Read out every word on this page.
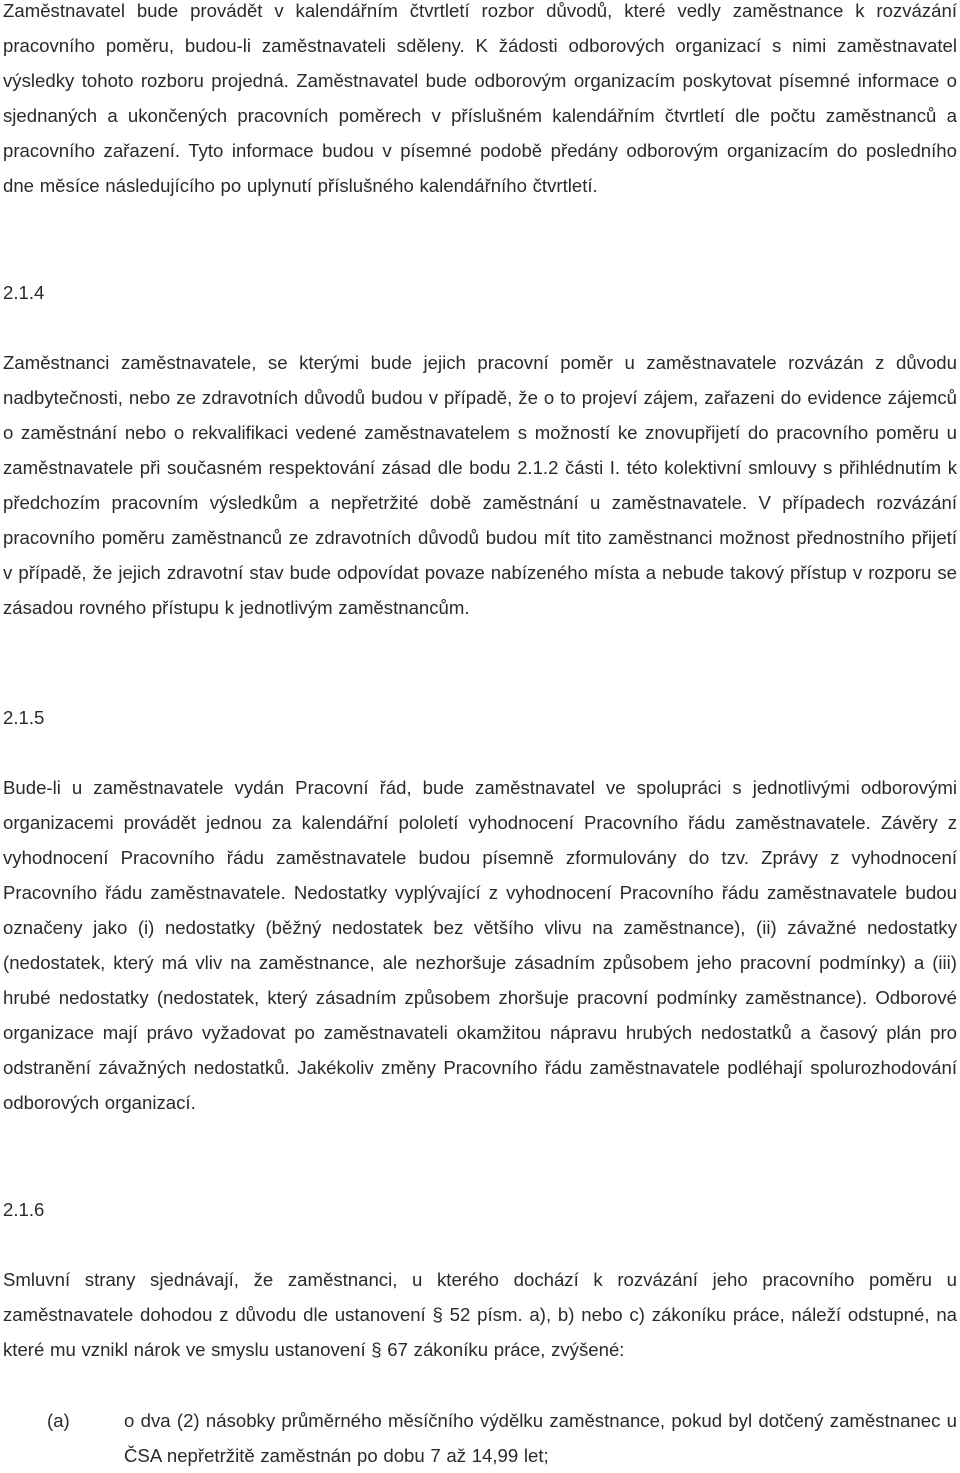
Zaměstnavatel bude provádět v kalendářním čtvrtletí rozbor důvodů, které vedly zaměstnance k rozvázání pracovního poměru, budou-li zaměstnavateli sděleny. K žádosti odborových organizací s nimi zaměstnavatel výsledky tohoto rozboru projedná. Zaměstnavatel bude odborovým organizacím poskytovat písemné informace o sjednaných a ukončených pracovních poměrech v příslušném kalendářním čtvrtletí dle počtu zaměstnanců a pracovního zařazení. Tyto informace budou v písemné podobě předány odborovým organizacím do posledního dne měsíce následujícího po uplynutí příslušného kalendářního čtvrtletí.

2.1.4

Zaměstnanci zaměstnavatele, se kterými bude jejich pracovní poměr u zaměstnavatele rozvázán z důvodu nadbytečnosti, nebo ze zdravotních důvodů budou v případě, že o to projeví zájem, zařazeni do evidence zájemců o zaměstnání nebo o rekvalifikaci vedené zaměstnavatelem s možností ke znovupřijetí do pracovního poměru u zaměstnavatele při současném respektování zásad dle bodu 2.1.2 části I. této kolektivní smlouvy s přihlédnutím k předchozím pracovním výsledkům a nepřetržité době zaměstnání u zaměstnavatele. V případech rozvázání pracovního poměru zaměstnanců ze zdravotních důvodů budou mít tito zaměstnanci možnost přednostního přijetí v případě, že jejich zdravotní stav bude odpovídat povaze nabízeného místa a nebude takový přístup v rozporu se zásadou rovného přístupu k jednotlivým zaměstnancům.

2.1.5

Bude-li u zaměstnavatele vydán Pracovní řád, bude zaměstnavatel ve spolupráci s jednotlivými odborovými organizacemi provádět jednou za kalendářní pololetí vyhodnocení Pracovního řádu zaměstnavatele. Závěry z vyhodnocení Pracovního řádu zaměstnavatele budou písemně zformulovány do tzv. Zprávy z vyhodnocení Pracovního řádu zaměstnavatele. Nedostatky vyplývající z vyhodnocení Pracovního řádu zaměstnavatele budou označeny jako (i) nedostatky (běžný nedostatek bez většího vlivu na zaměstnance), (ii) závažné nedostatky (nedostatek, který má vliv na zaměstnance, ale nezhoršuje zásadním způsobem jeho pracovní podmínky) a (iii) hrubé nedostatky (nedostatek, který zásadním způsobem zhoršuje pracovní podmínky zaměstnance). Odborové organizace mají právo vyžadovat po zaměstnavateli okamžitou nápravu hrubých nedostatků a časový plán pro odstranění závažných nedostatků. Jakékoliv změny Pracovního řádu zaměstnavatele podléhají spolurozhodování odborových organizací.

2.1.6

Smluvní strany sjednávají, že zaměstnanci, u kterého dochází k rozvázání jeho pracovního poměru u zaměstnavatele dohodou z důvodu dle ustanovení § 52 písm. a), b) nebo c) zákoníku práce, náleží odstupné, na které mu vznikl nárok ve smyslu ustanovení § 67 zákoníku práce, zvýšené:

(a)	o dva (2) násobky průměrného měsíčního výdělku zaměstnance, pokud byl dotčený zaměstnanec u ČSA nepřetržitě zaměstnán po dobu 7 až 14,99 let;
